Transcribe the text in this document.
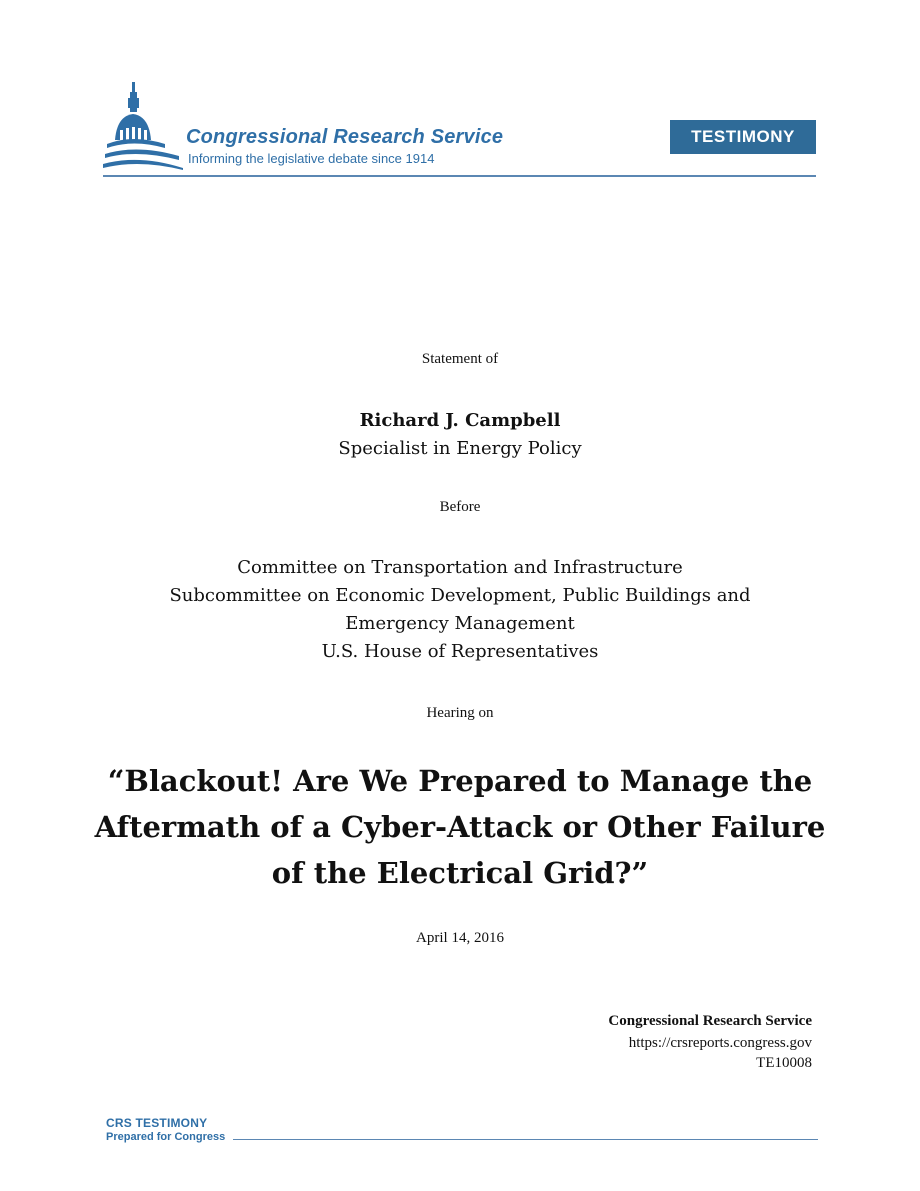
Congressional Research Service
Informing the legislative debate since 1914
TESTIMONY
Statement of
Richard J. Campbell
Specialist in Energy Policy
Before
Committee on Transportation and Infrastructure
Subcommittee on Economic Development, Public Buildings and
Emergency Management
U.S. House of Representatives
Hearing on
“Blackout! Are We Prepared to Manage the
Aftermath of a Cyber-Attack or Other Failure
of the Electrical Grid?”
April 14, 2016
Congressional Research Service
https://crsreports.congress.gov
TE10008
CRS TESTIMONY
Prepared for Congress
